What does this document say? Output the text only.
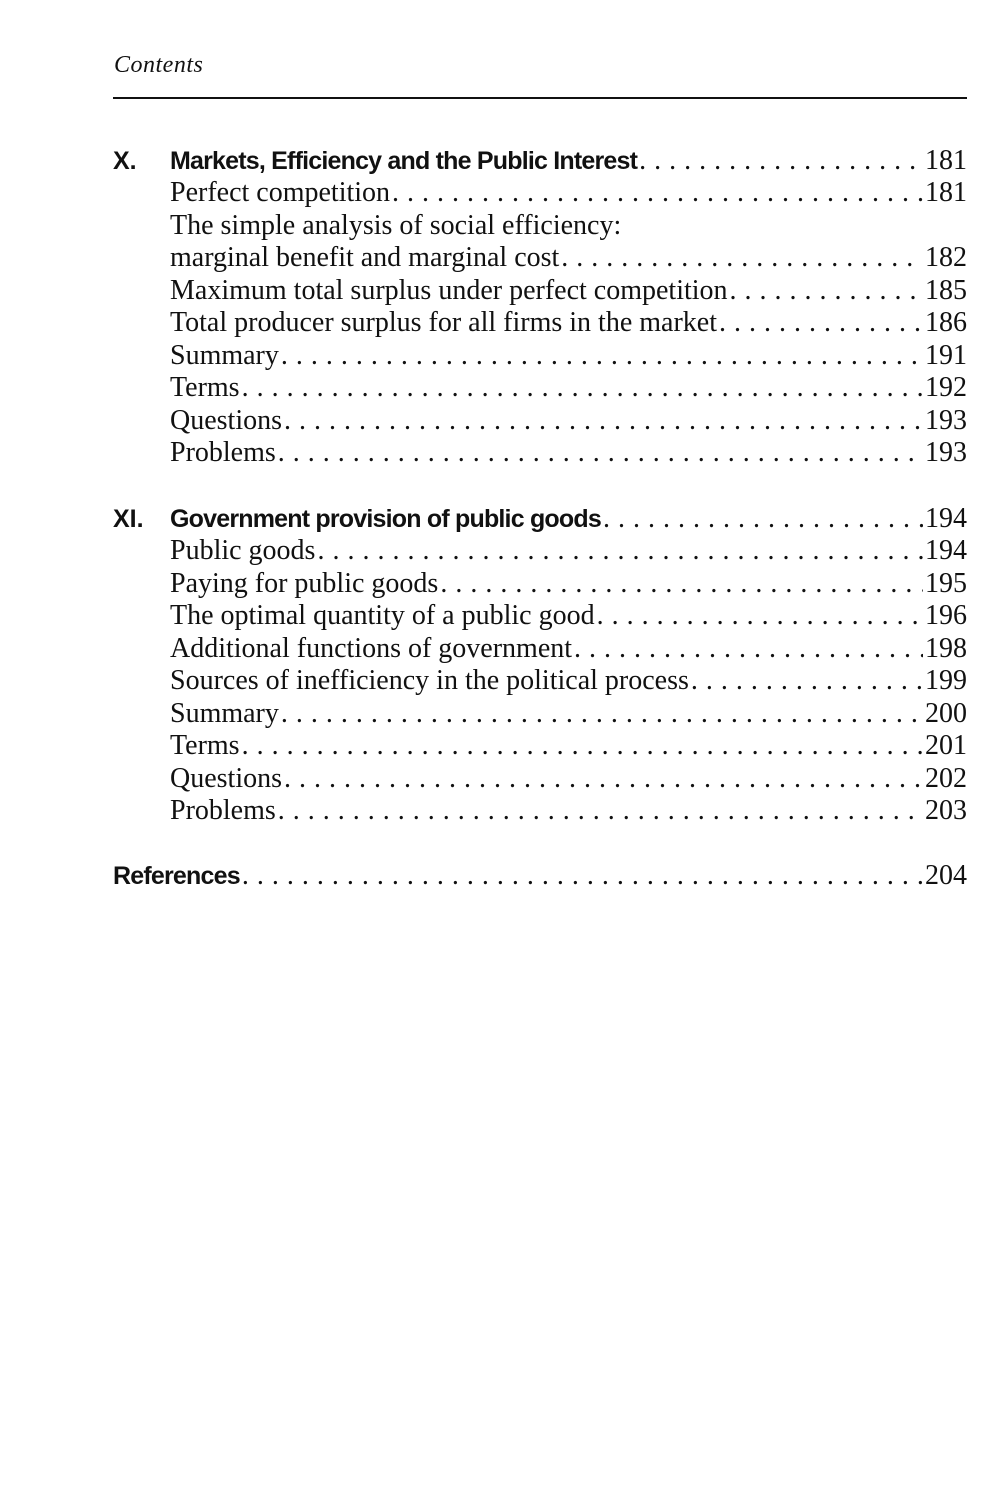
Contents
X. Markets, Efficiency and the Public Interest . . .	181
Perfect competition . . .	181
The simple analysis of social efficiency:
marginal benefit and marginal cost . . .	182
Maximum total surplus under perfect competition . . .	185
Total producer surplus for all firms in the market . . .	186
Summary . . .	191
Terms . . .	192
Questions . . .	193
Problems . . .	193
XI. Government provision of public goods . . .	194
Public goods . . .	194
Paying for public goods . . .	195
The optimal quantity of a public good . . .	196
Additional functions of government . . .	198
Sources of inefficiency in the political process . . .	199
Summary . . .	200
Terms . . .	201
Questions . . .	202
Problems . . .	203
References . . .	204
